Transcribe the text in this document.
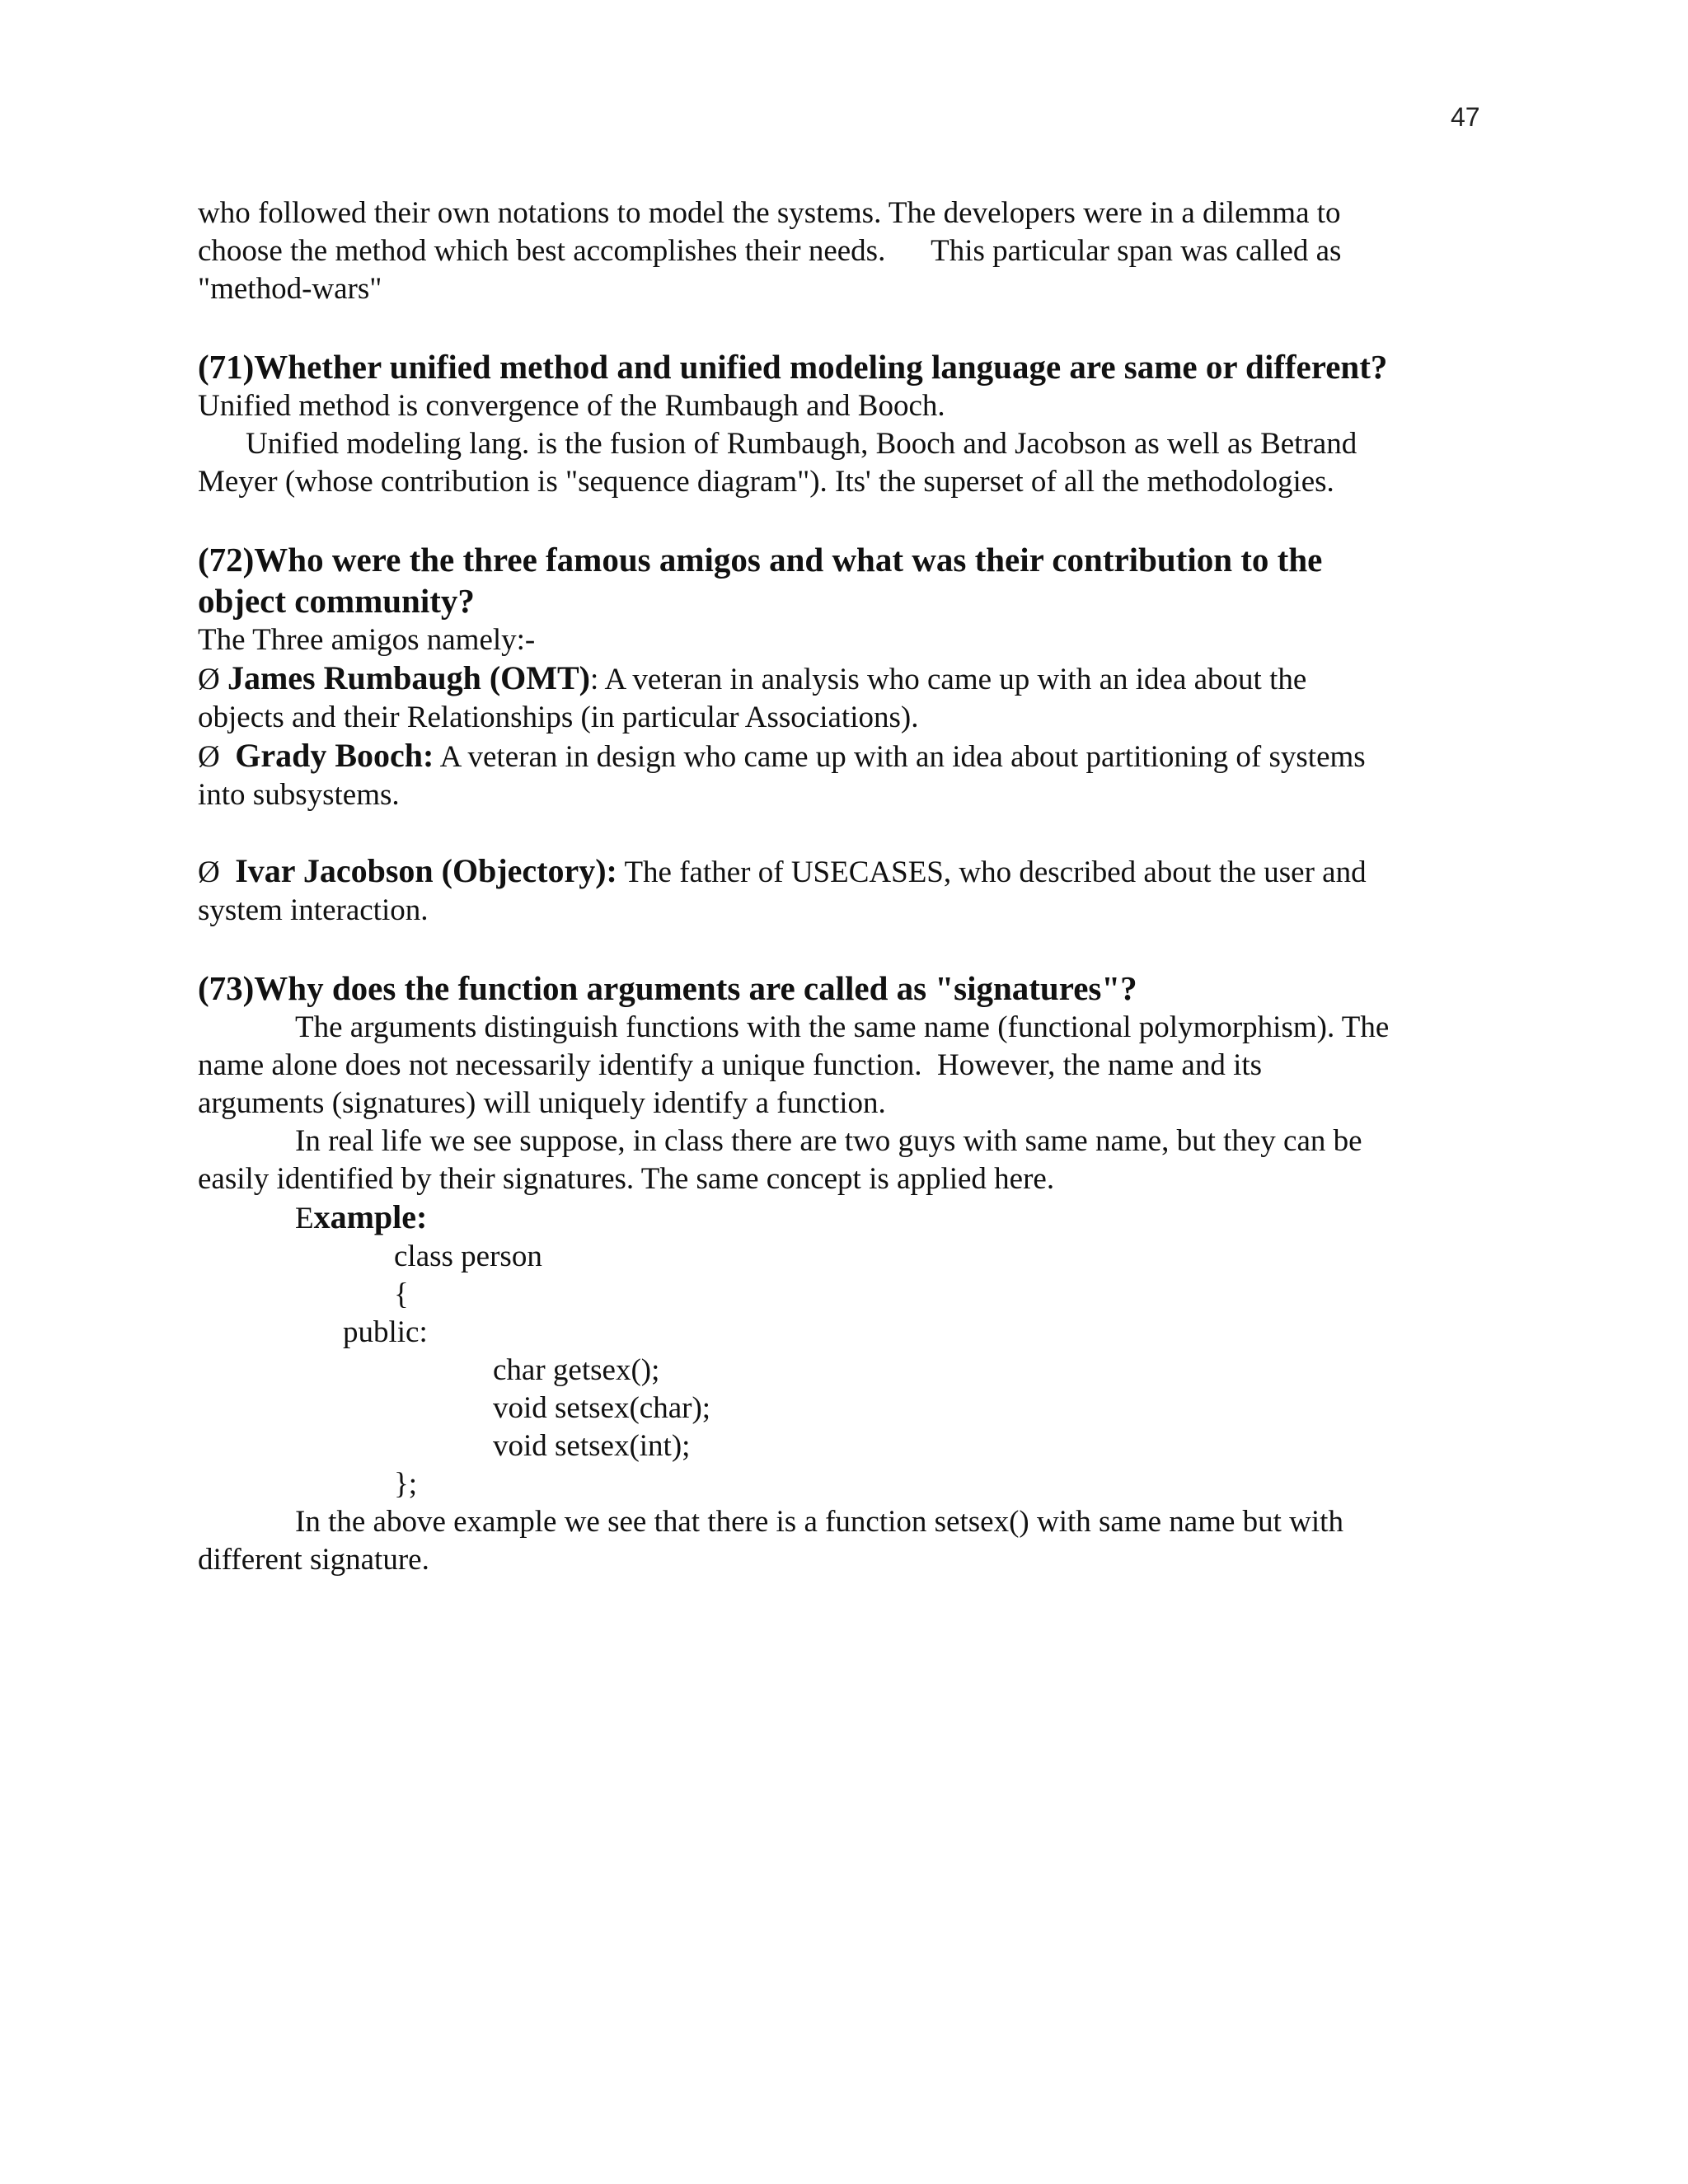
47

who followed their own notations to model the systems. The developers were in a dilemma to

choose the method which best accomplishes their needs.      This particular span was called as

"method-wars"

(71)Whether unified method and unified modeling language are same or different?

Unified method is convergence of the Rumbaugh and Booch.

Unified modeling lang. is the fusion of Rumbaugh, Booch and Jacobson as well as Betrand

Meyer (whose contribution is "sequence diagram"). Its' the superset of all the methodologies.

(72)Who were the three famous amigos and what was their contribution to the

object community?

The Three amigos namely:-

Ø James Rumbaugh (OMT): A veteran in analysis who came up with an idea about the

objects and their Relationships (in particular Associations).

Ø Grady Booch: A veteran in design who came up with an idea about partitioning of systems

into subsystems.

Ø Ivar Jacobson (Objectory): The father of USECASES, who described about the user and

system interaction.

(73)Why does the function arguments are called as "signatures"?

The arguments distinguish functions with the same name (functional polymorphism). The

name alone does not necessarily identify a unique function.  However, the name and its

arguments (signatures) will uniquely identify a function.

In real life we see suppose, in class there are two guys with same name, but they can be

easily identified by their signatures. The same concept is applied here.

Example:

class person

{

public:

char getsex();

void setsex(char);

void setsex(int);

};

In the above example we see that there is a function setsex() with same name but with

different signature.
